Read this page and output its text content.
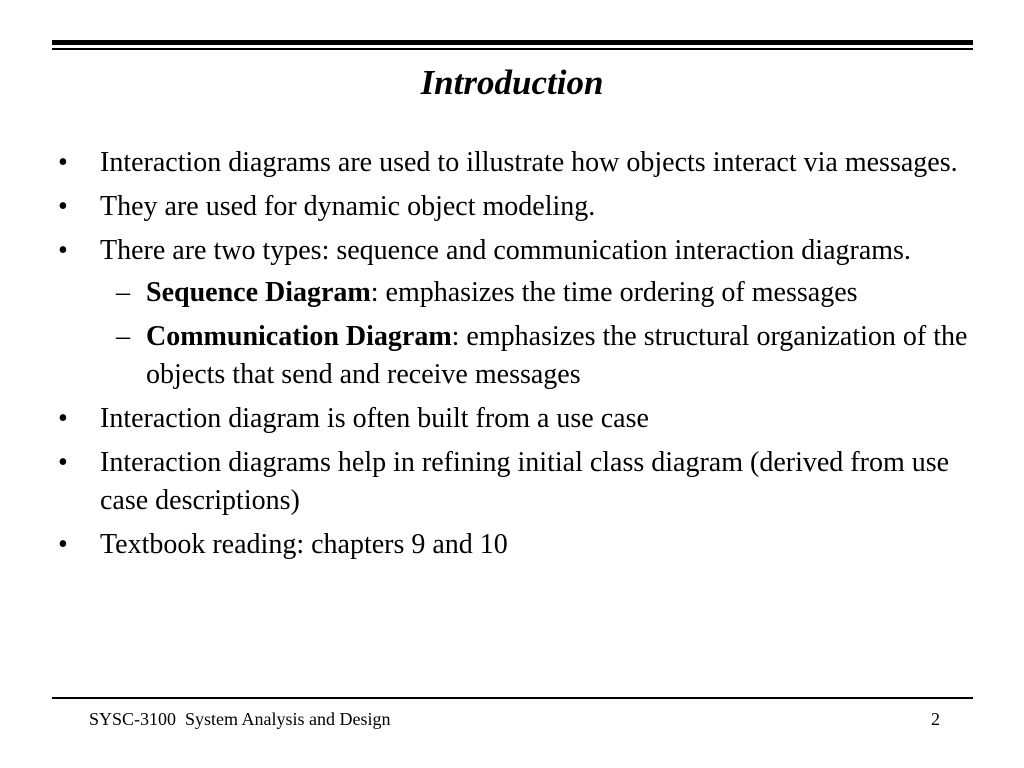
Introduction
•	Interaction diagrams are used to illustrate how objects interact via messages.
•	They are used for dynamic object modeling.
•	There are two types: sequence and communication interaction diagrams.
– Sequence Diagram: emphasizes the time ordering of messages
– Communication Diagram: emphasizes the structural organization of the objects that send and receive messages
•	Interaction diagram is often built from a use case
•	Interaction diagrams help in refining initial class diagram (derived from use case descriptions)
•	Textbook reading: chapters 9 and 10
SYSC-3100  System Analysis and Design	2
